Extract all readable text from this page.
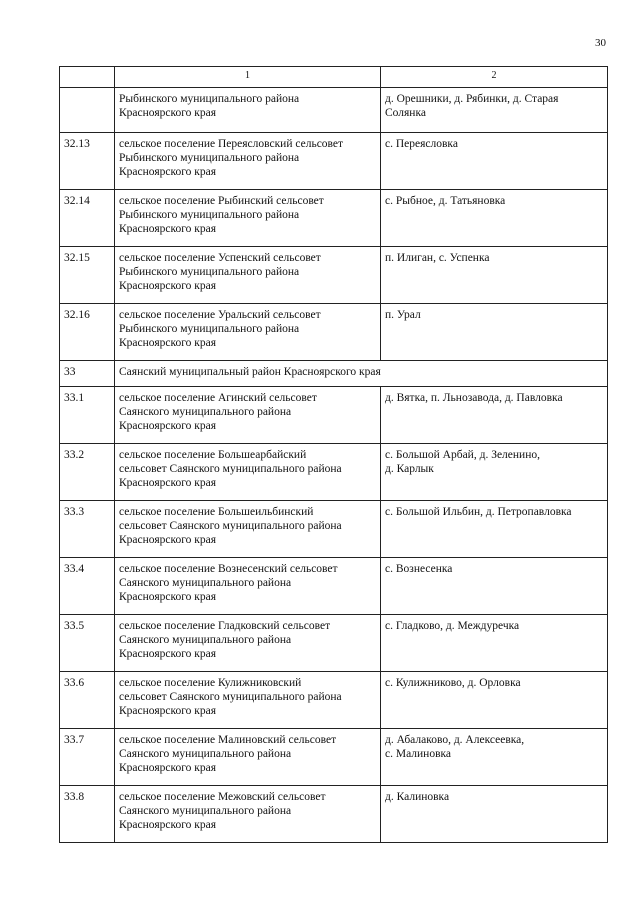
30
	1	2
	Рыбинского муниципального района
Красноярского края	д. Орешники, д. Рябинки, д. Старая
Солянка
32.13	сельское поселение Переясловский сельсовет
Рыбинского муниципального района
Красноярского края	с. Переясловка
32.14	сельское поселение Рыбинский сельсовет
Рыбинского муниципального района
Красноярского края	с. Рыбное, д. Татьяновка
32.15	сельское поселение Успенский сельсовет
Рыбинского муниципального района
Красноярского края	п. Илиган, с. Успенка
32.16	сельское поселение Уральский сельсовет
Рыбинского муниципального района
Красноярского края	п. Урал
33	Саянский муниципальный район Красноярского края	
33.1	сельское поселение Агинский сельсовет
Саянского муниципального района
Красноярского края	д. Вятка, п. Льнозавода, д. Павловка
33.2	сельское поселение Большеарбайский
сельсовет Саянского муниципального района
Красноярского края	с. Большой Арбай, д. Зеленино,
д. Карлык
33.3	сельское поселение Большеильбинский
сельсовет Саянского муниципального района
Красноярского края	с. Большой Ильбин, д. Петропавловка
33.4	сельское поселение Вознесенский сельсовет
Саянского муниципального района
Красноярского края	с. Вознесенка
33.5	сельское поселение Гладковский сельсовет
Саянского муниципального района
Красноярского края	с. Гладково, д. Междуречка
33.6	сельское поселение Кулижниковский
сельсовет Саянского муниципального района
Красноярского края	с. Кулижниково, д. Орловка
33.7	сельское поселение Малиновский сельсовет
Саянского муниципального района
Красноярского края	д. Абалаково, д. Алексеевка,
с. Малиновка
33.8	сельское поселение Межовский сельсовет
Саянского муниципального района
Красноярского края	д. Калиновка
